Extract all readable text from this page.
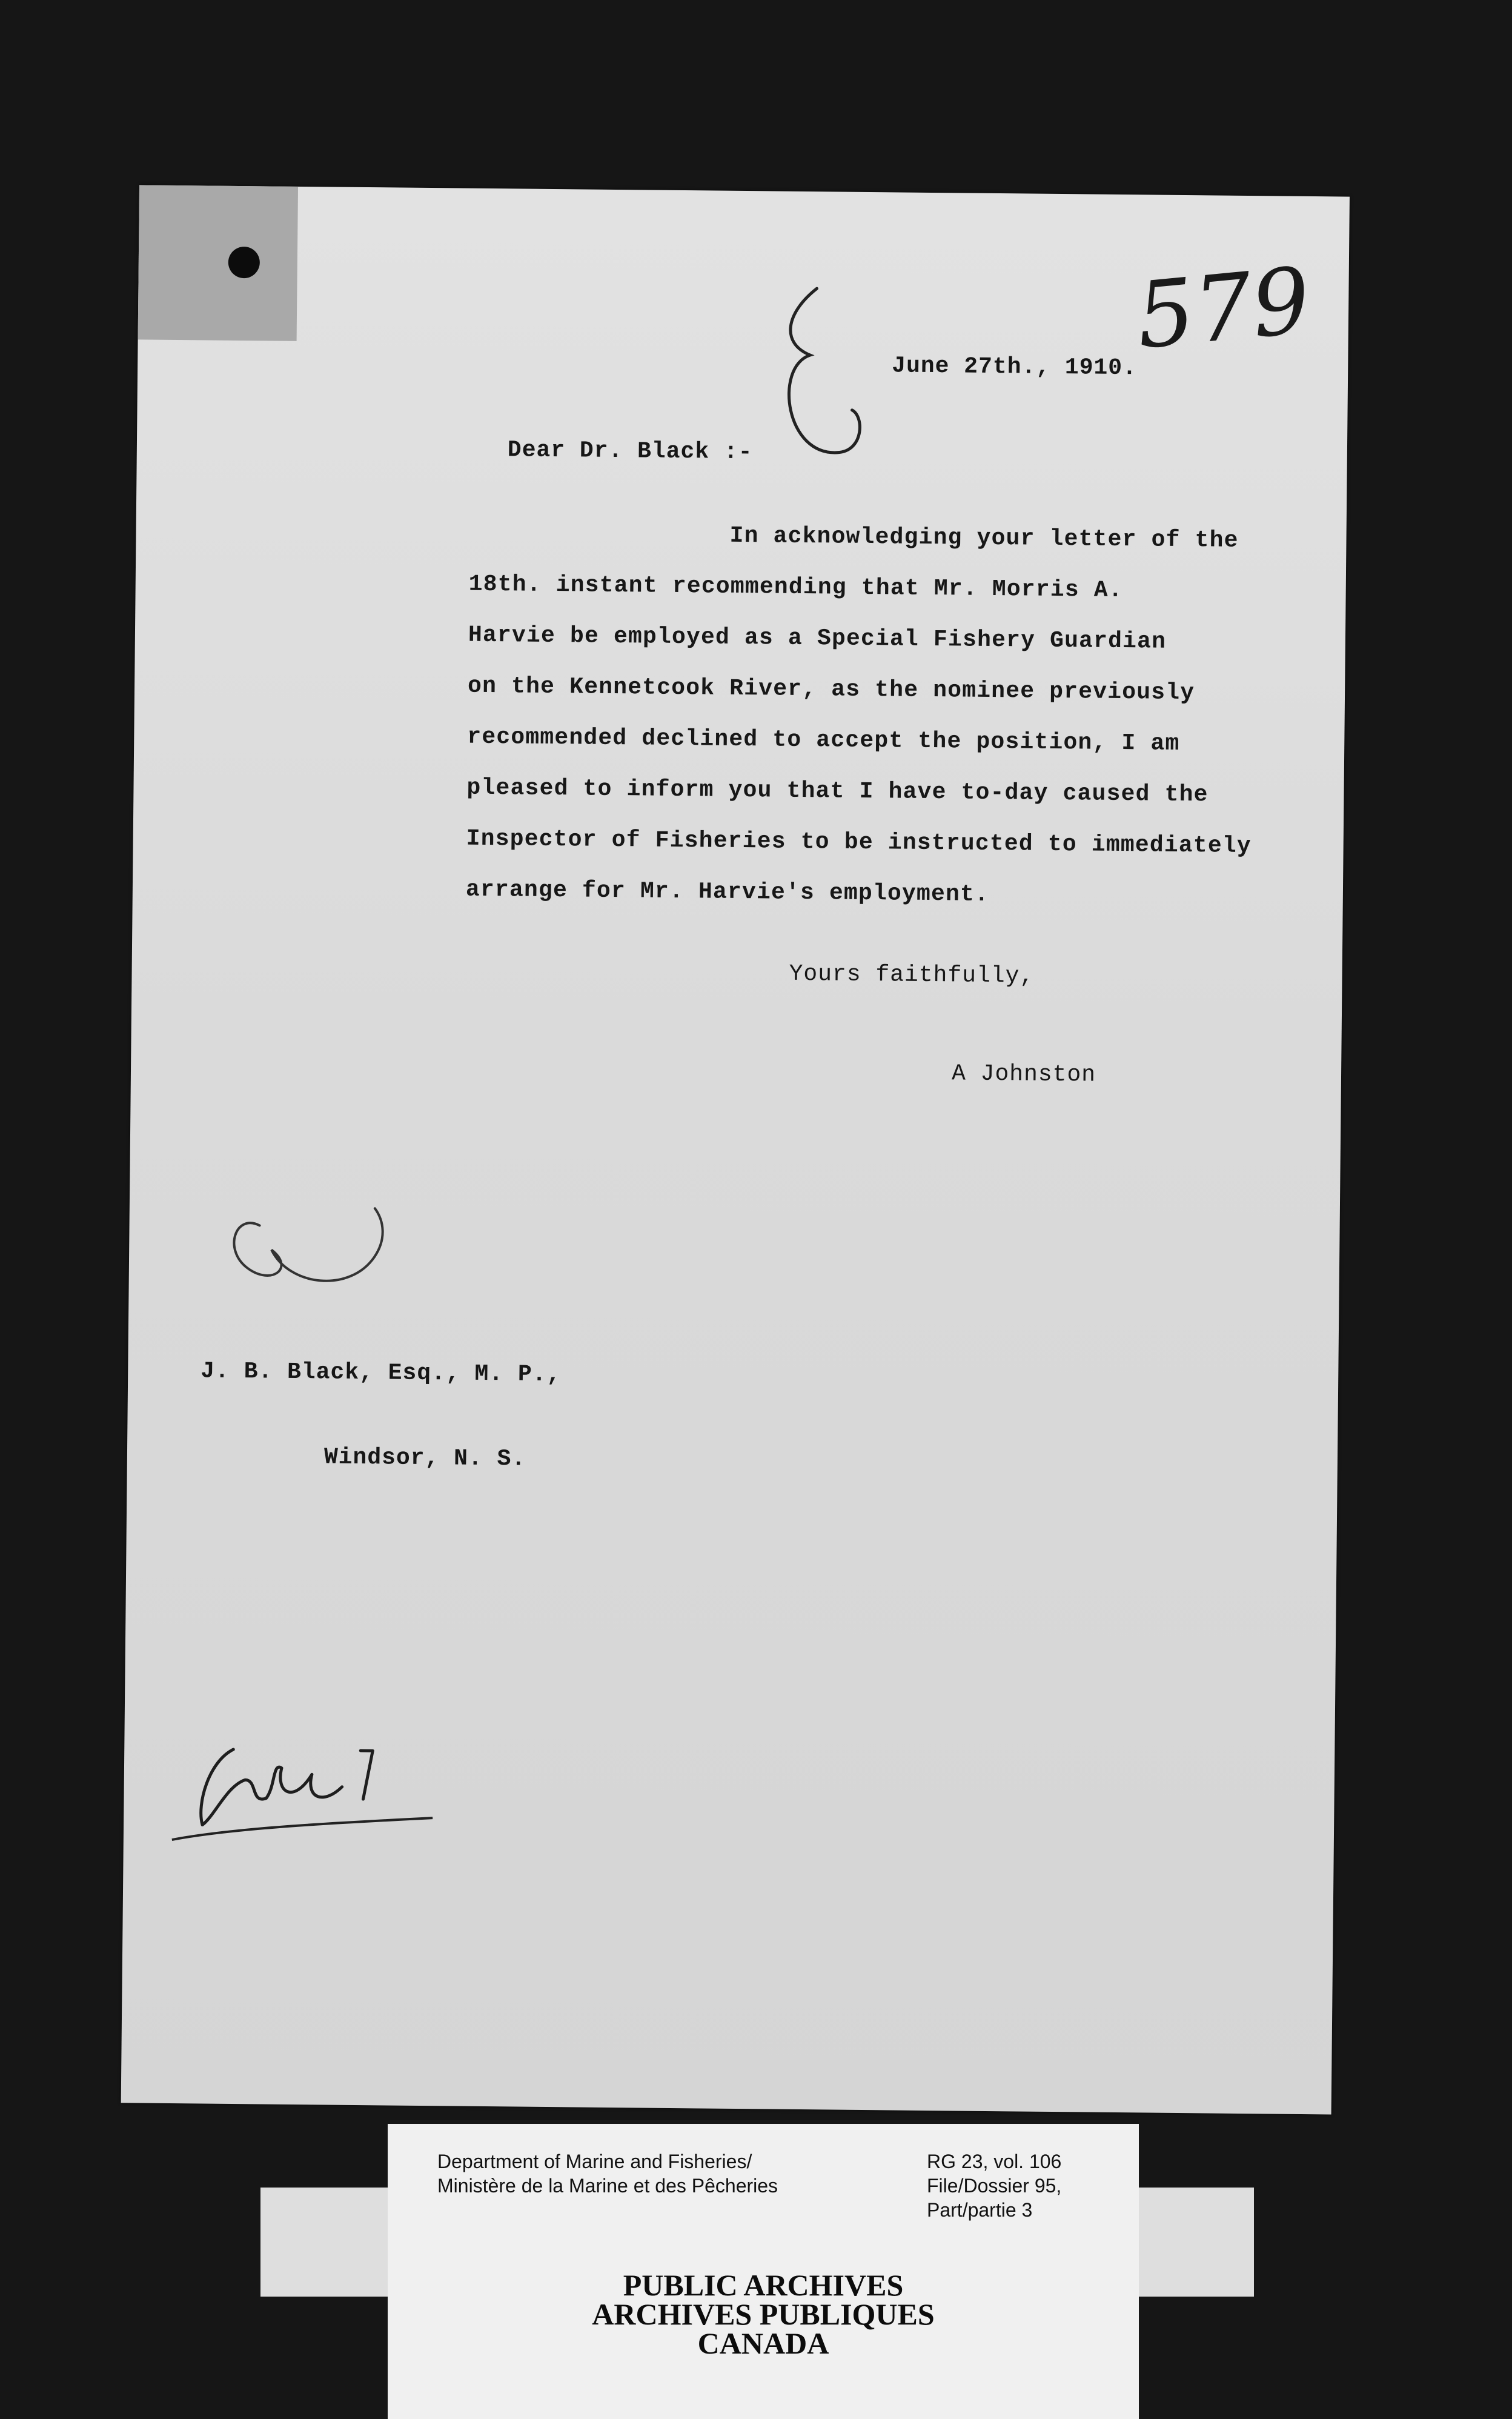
579
June 27th., 1910.
Dear Dr. Black :-
In acknowledging your letter of the
18th. instant recommending that Mr. Morris A.
Harvie be employed as a Special Fishery Guardian
on the Kennetcook River, as the nominee previously
recommended declined to accept the position, I am
pleased to inform you that I have to-day caused the
Inspector of Fisheries to be instructed to immediately
arrange for Mr. Harvie's employment.
Yours faithfully,
A Johnston
J. B. Black, Esq., M. P.,
Windsor, N. S.
Department of Marine and Fisheries/
Ministère de la Marine et des Pêcheries
RG 23, vol. 106
File/Dossier 95,
Part/partie 3
PUBLIC ARCHIVES
ARCHIVES PUBLIQUES
CANADA
